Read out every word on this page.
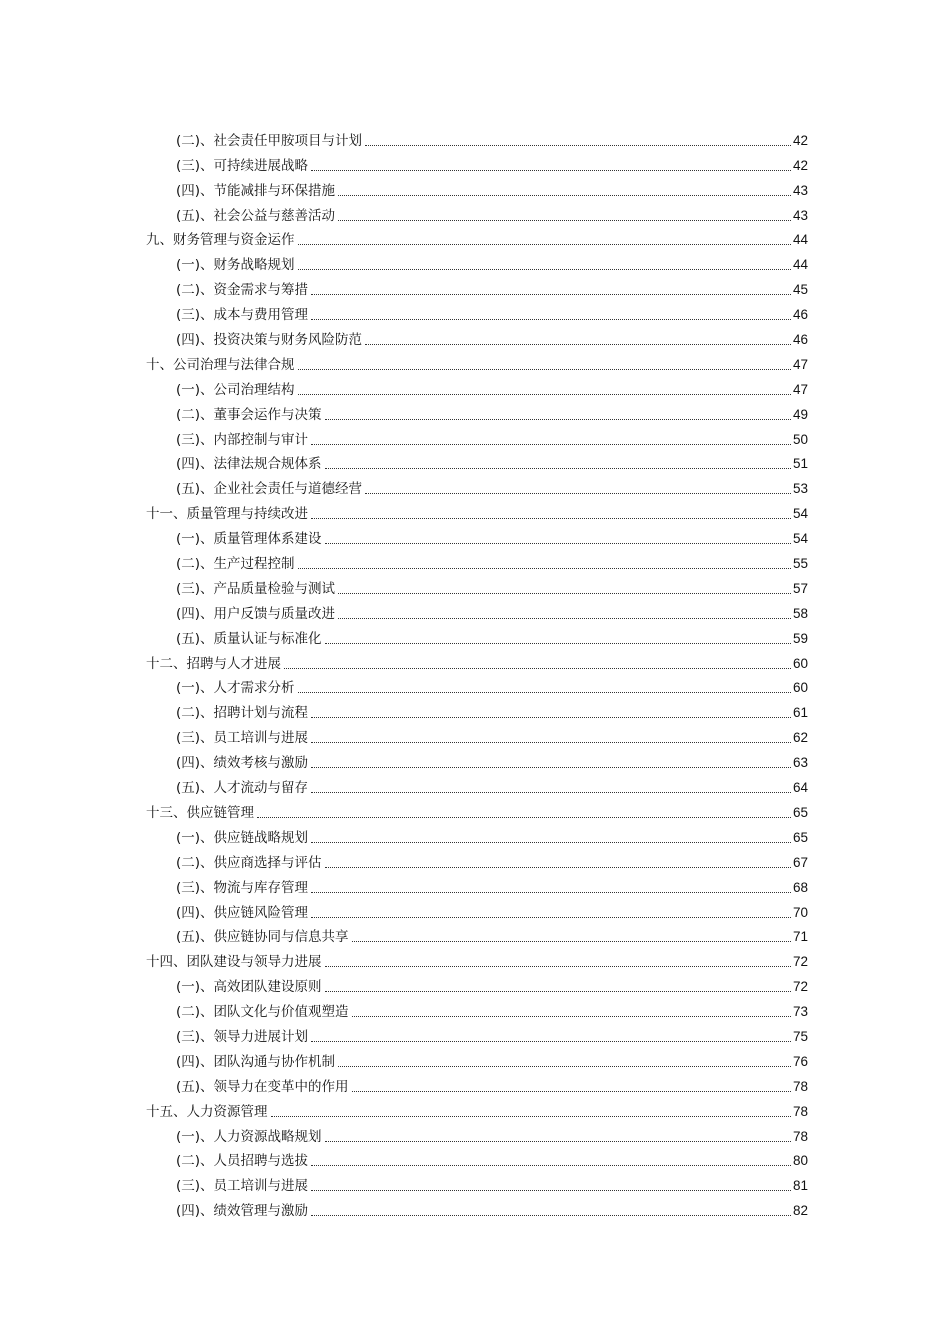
(二)、社会责任甲胺项目与计划	42
(三)、可持续进展战略	42
(四)、节能减排与环保措施	43
(五)、社会公益与慈善活动	43
九、财务管理与资金运作	44
(一)、财务战略规划	44
(二)、资金需求与筹措	45
(三)、成本与费用管理	46
(四)、投资决策与财务风险防范	46
十、公司治理与法律合规	47
(一)、公司治理结构	47
(二)、董事会运作与决策	49
(三)、内部控制与审计	50
(四)、法律法规合规体系	51
(五)、企业社会责任与道德经营	53
十一、质量管理与持续改进	54
(一)、质量管理体系建设	54
(二)、生产过程控制	55
(三)、产品质量检验与测试	57
(四)、用户反馈与质量改进	58
(五)、质量认证与标准化	59
十二、招聘与人才进展	60
(一)、人才需求分析	60
(二)、招聘计划与流程	61
(三)、员工培训与进展	62
(四)、绩效考核与激励	63
(五)、人才流动与留存	64
十三、供应链管理	65
(一)、供应链战略规划	65
(二)、供应商选择与评估	67
(三)、物流与库存管理	68
(四)、供应链风险管理	70
(五)、供应链协同与信息共享	71
十四、团队建设与领导力进展	72
(一)、高效团队建设原则	72
(二)、团队文化与价值观塑造	73
(三)、领导力进展计划	75
(四)、团队沟通与协作机制	76
(五)、领导力在变革中的作用	78
十五、人力资源管理	78
(一)、人力资源战略规划	78
(二)、人员招聘与选拔	80
(三)、员工培训与进展	81
(四)、绩效管理与激励	82
